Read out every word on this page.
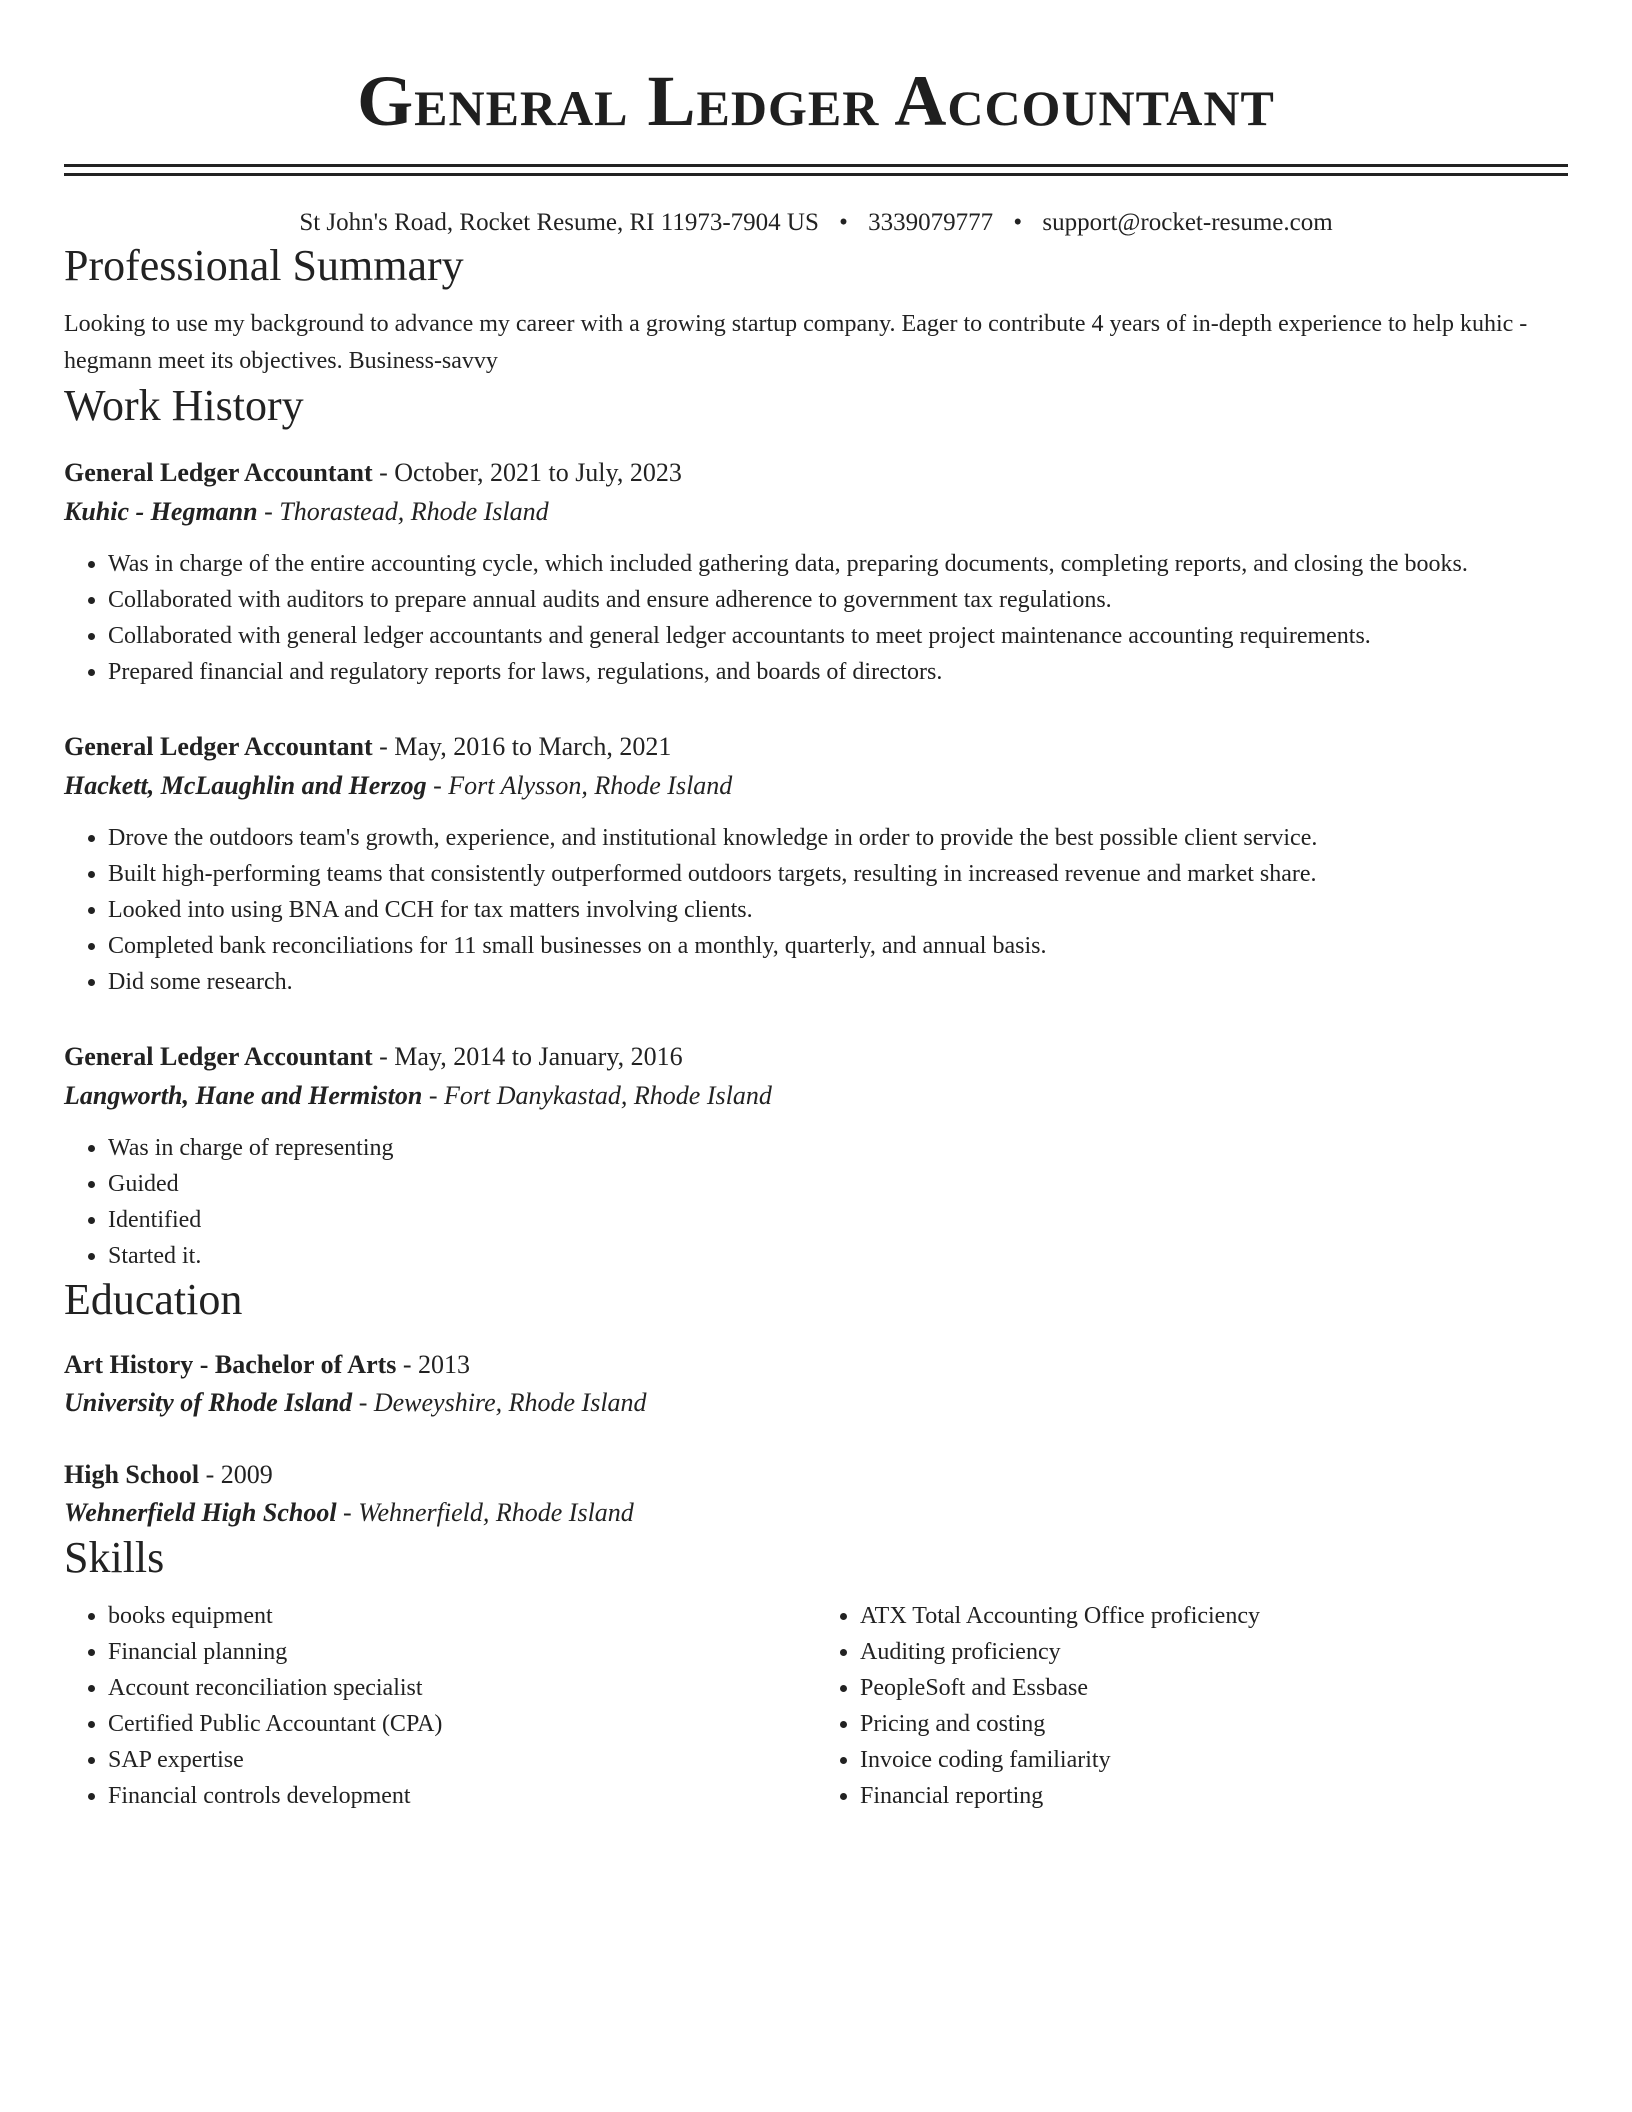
General Ledger Accountant
St John's Road, Rocket Resume, RI 11973-7904 US • 3339079777 • support@rocket-resume.com
Professional Summary
Looking to use my background to advance my career with a growing startup company. Eager to contribute 4 years of in-depth experience to help kuhic - hegmann meet its objectives. Business-savvy
Work History
General Ledger Accountant - October, 2021 to July, 2023
Kuhic - Hegmann - Thorastead, Rhode Island
• Was in charge of the entire accounting cycle, which included gathering data, preparing documents, completing reports, and closing the books.
• Collaborated with auditors to prepare annual audits and ensure adherence to government tax regulations.
• Collaborated with general ledger accountants and general ledger accountants to meet project maintenance accounting requirements.
• Prepared financial and regulatory reports for laws, regulations, and boards of directors.
General Ledger Accountant - May, 2016 to March, 2021
Hackett, McLaughlin and Herzog - Fort Alysson, Rhode Island
• Drove the outdoors team's growth, experience, and institutional knowledge in order to provide the best possible client service.
• Built high-performing teams that consistently outperformed outdoors targets, resulting in increased revenue and market share.
• Looked into using BNA and CCH for tax matters involving clients.
• Completed bank reconciliations for 11 small businesses on a monthly, quarterly, and annual basis.
• Did some research.
General Ledger Accountant - May, 2014 to January, 2016
Langworth, Hane and Hermiston - Fort Danykastad, Rhode Island
• Was in charge of representing
• Guided
• Identified
• Started it.
Education
Art History - Bachelor of Arts - 2013
University of Rhode Island - Deweyshire, Rhode Island
High School - 2009
Wehnerfield High School - Wehnerfield, Rhode Island
Skills
• books equipment
• Financial planning
• Account reconciliation specialist
• Certified Public Accountant (CPA)
• SAP expertise
• Financial controls development
• ATX Total Accounting Office proficiency
• Auditing proficiency
• PeopleSoft and Essbase
• Pricing and costing
• Invoice coding familiarity
• Financial reporting
